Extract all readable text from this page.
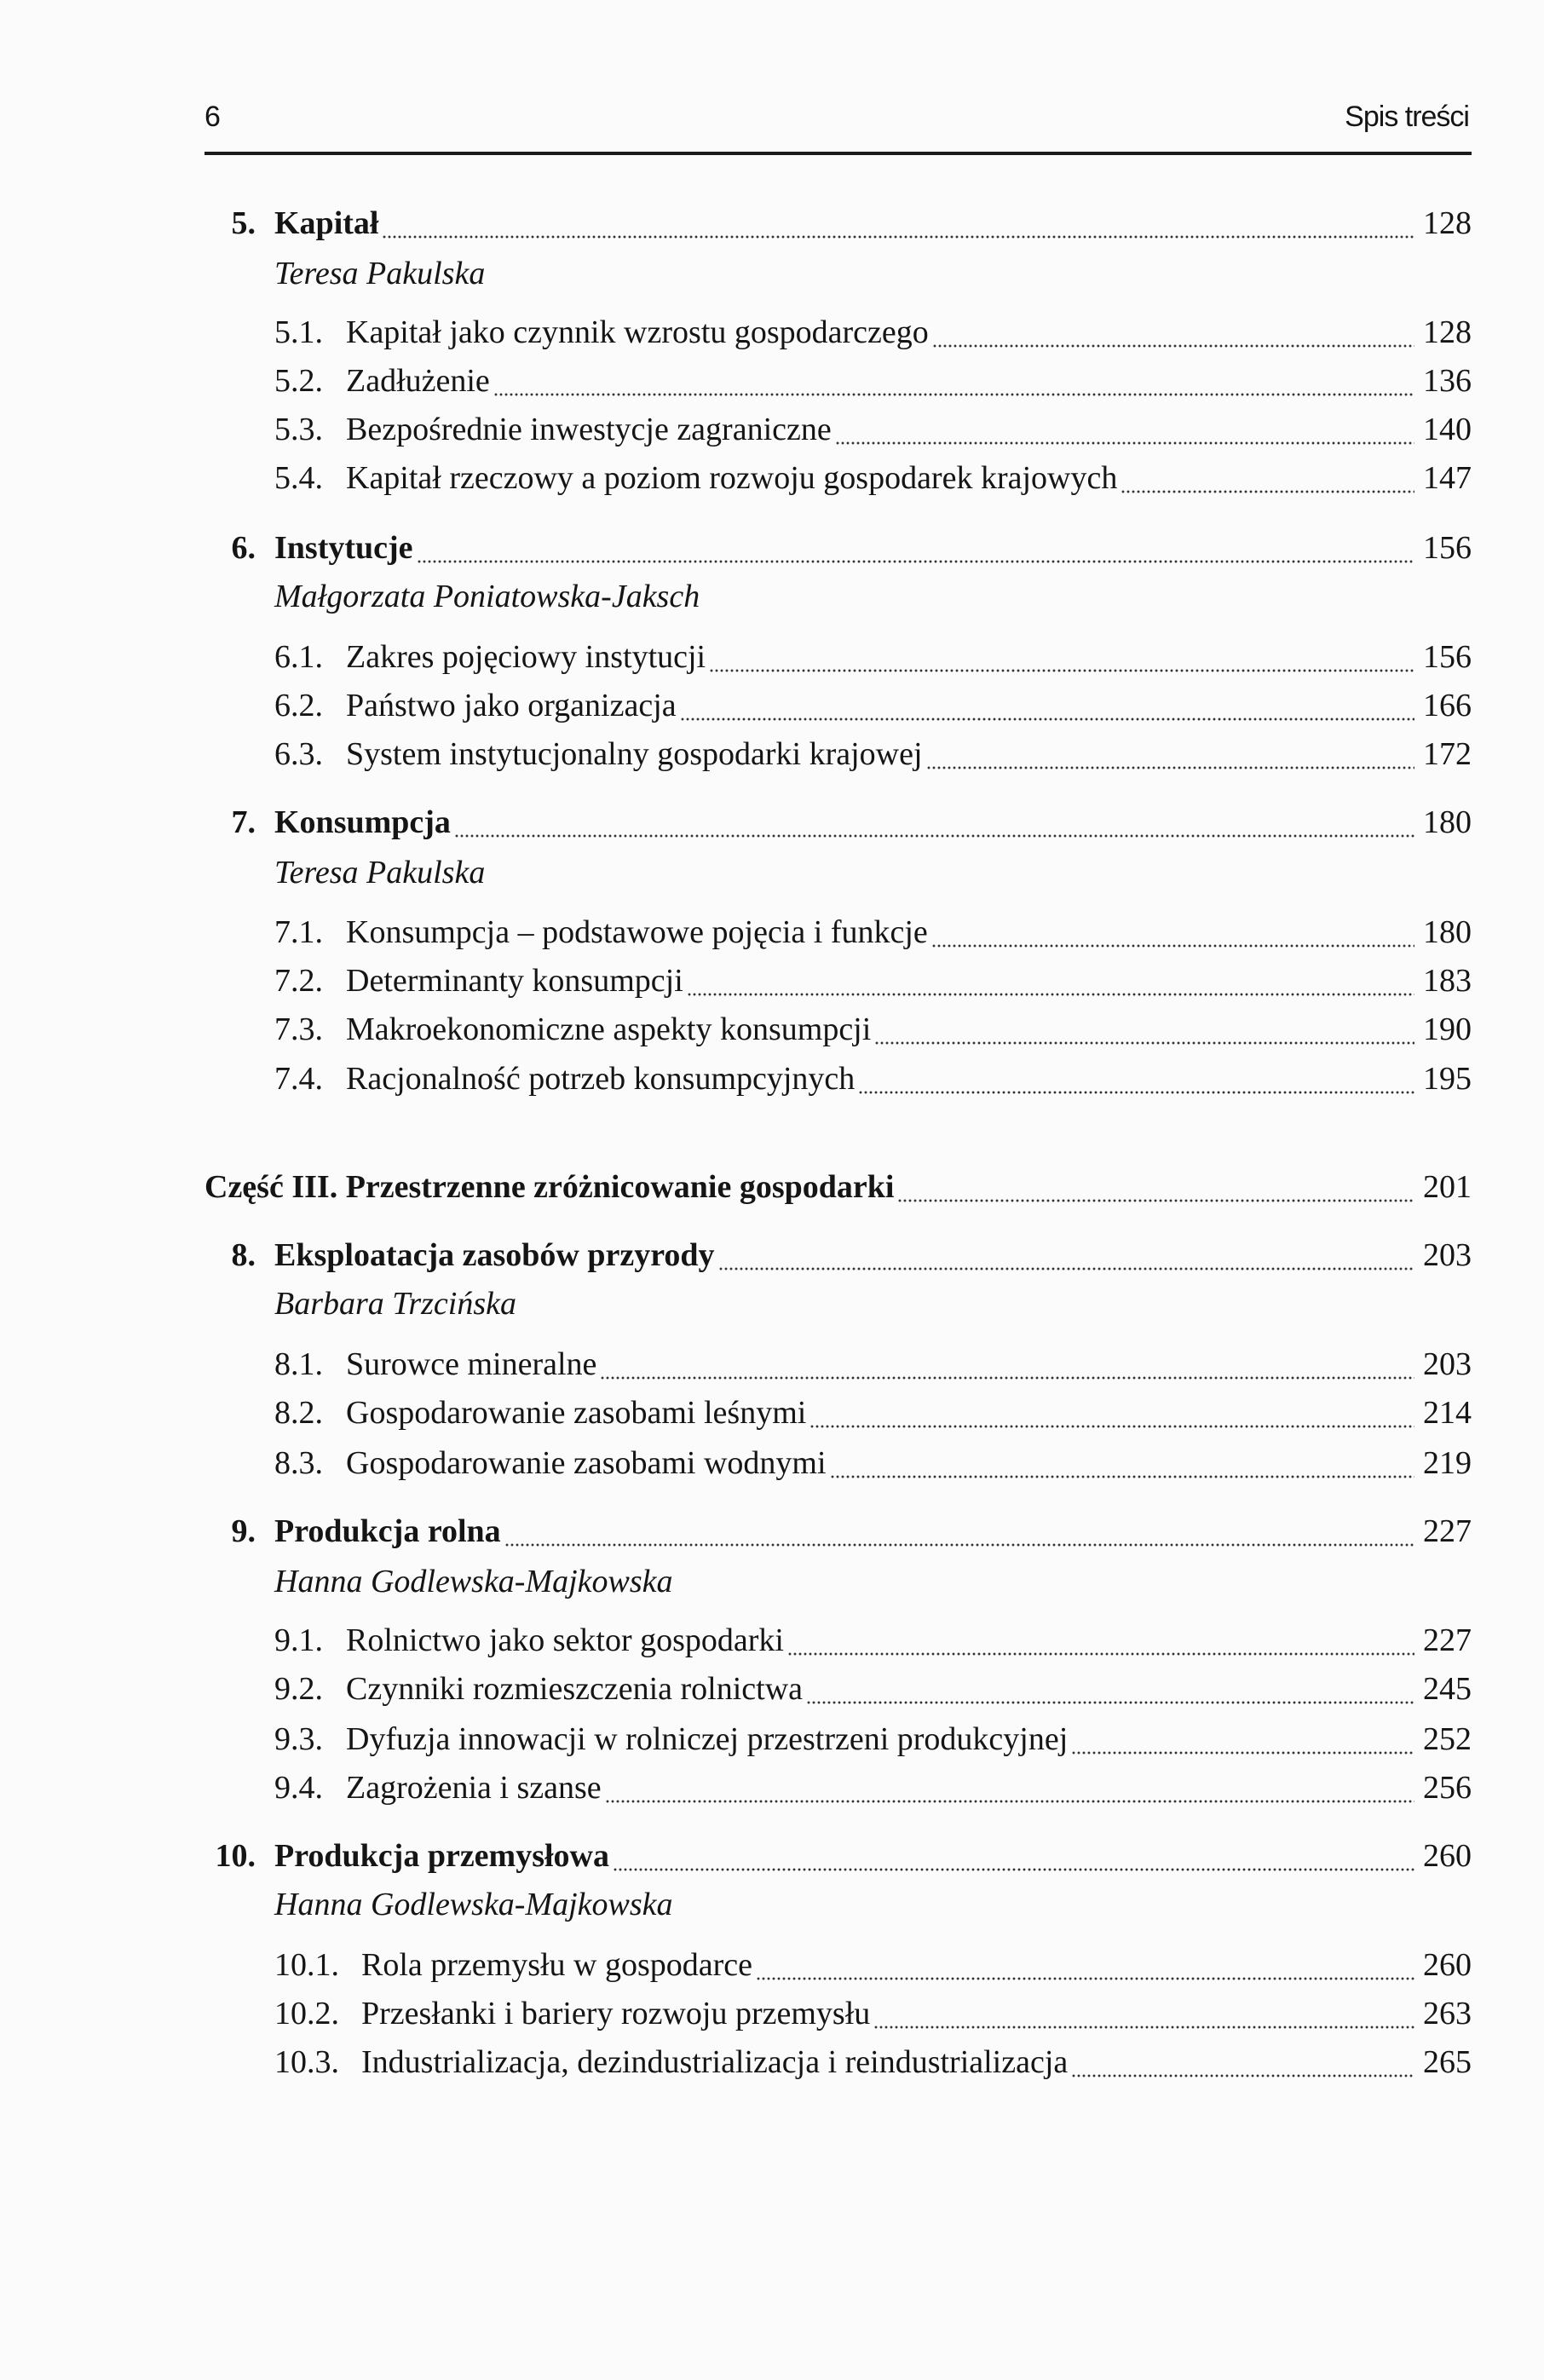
6	Spis treści
5. Kapitał	128
Teresa Pakulska
5.1. Kapitał jako czynnik wzrostu gospodarczego	128
5.2. Zadłużenie	136
5.3. Bezpośrednie inwestycje zagraniczne	140
5.4. Kapitał rzeczowy a poziom rozwoju gospodarek krajowych	147
6. Instytucje	156
Małgorzata Poniatowska-Jaksch
6.1. Zakres pojęciowy instytucji	156
6.2. Państwo jako organizacja	166
6.3. System instytucjonalny gospodarki krajowej	172
7. Konsumpcja	180
Teresa Pakulska
7.1. Konsumpcja – podstawowe pojęcia i funkcje	180
7.2. Determinanty konsumpcji	183
7.3. Makroekonomiczne aspekty konsumpcji	190
7.4. Racjonalność potrzeb konsumpcyjnych	195
Część III. Przestrzenne zróżnicowanie gospodarki	201
8. Eksploatacja zasobów przyrody	203
Barbara Trzcińska
8.1. Surowce mineralne	203
8.2. Gospodarowanie zasobami leśnymi	214
8.3. Gospodarowanie zasobami wodnymi	219
9. Produkcja rolna	227
Hanna Godlewska-Majkowska
9.1. Rolnictwo jako sektor gospodarki	227
9.2. Czynniki rozmieszczenia rolnictwa	245
9.3. Dyfuzja innowacji w rolniczej przestrzeni produkcyjnej	252
9.4. Zagrożenia i szanse	256
10. Produkcja przemysłowa	260
Hanna Godlewska-Majkowska
10.1. Rola przemysłu w gospodarce	260
10.2. Przesłanki i bariery rozwoju przemysłu	263
10.3. Industrializacja, dezindustrializacja i reindustrializacja	265
